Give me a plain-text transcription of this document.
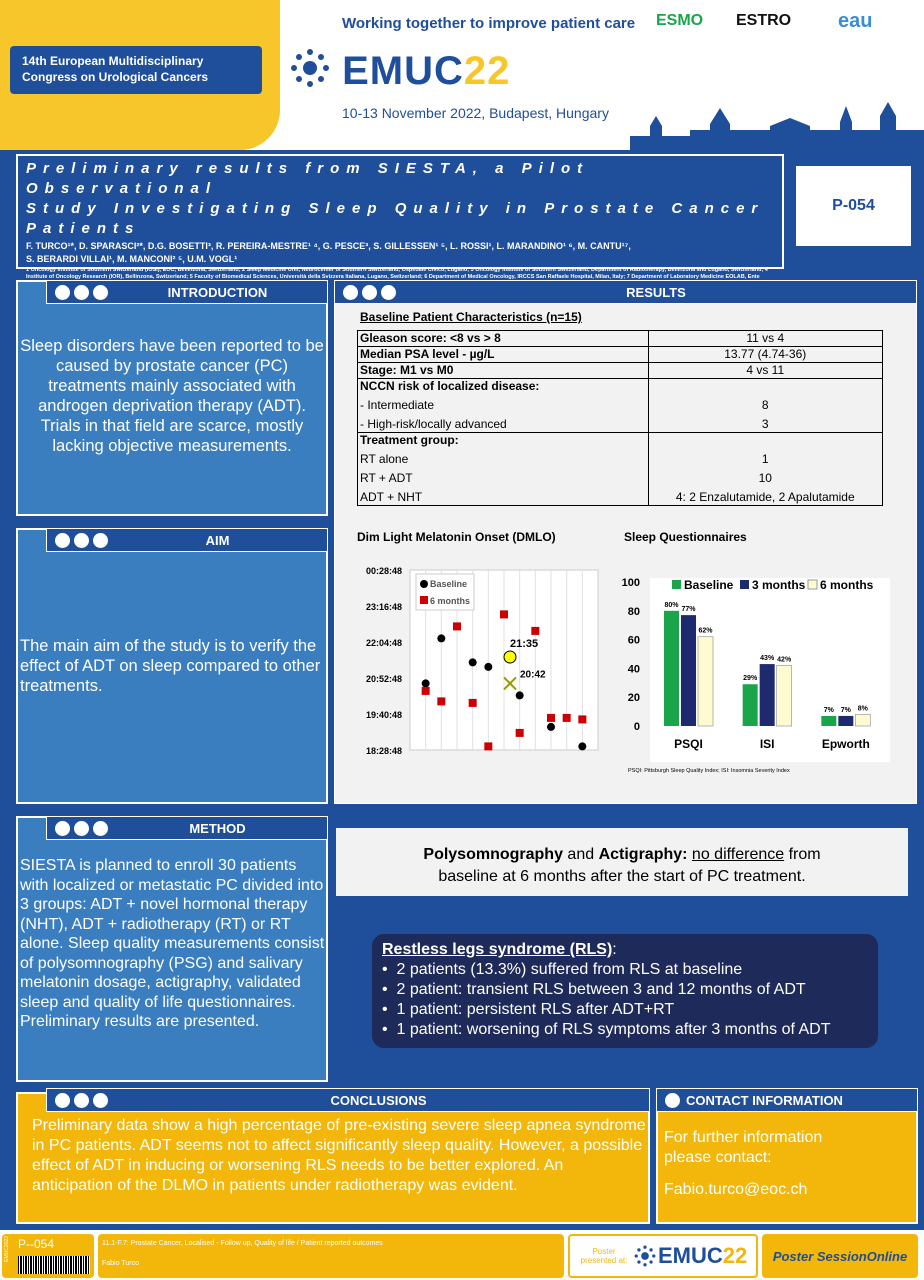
14th European Multidisciplinary
Congress on Urological Cancers
Working together to improve patient care
EMUC22
10-13 November 2022, Budapest, Hungary
ESMO ESTRO eau
Preliminary results from SIESTA, a Pilot Observational
Study Investigating Sleep Quality in Prostate Cancer
Patients
F. TURCO¹*, D. SPARASCI²*, D.G. BOSETTI³, R. PEREIRA-MESTRE¹ ⁴, G. PESCE³, S. GILLESSEN¹ ⁵, L. ROSSI¹, L. MARANDINO¹ ⁶, M. CANTU¹⁷,
S. BERARDI VILLAI¹, M. MANCONI² ⁵, U.M. VOGL¹
1 Oncology Institute of Southern Switzerland (IOSI), EOC, Bellinzona, Switzerland; 2 Sleep Medicine Unit, Neurocenter of Southern Switzerland, Ospedale Civico, Lugano; 3 Oncology Institute of Southern Switzerland, Department of Radiotherapy, Bellinzona and Lugano, Switzerland; 4 Institute of Oncology Research (IOR), Bellinzona, Switzerland; 5 Faculty of Biomedical Sciences, Università della Svizzera Italiana, Lugano, Switzerland; 6 Department of Medical Oncology, IRCCS San Raffaele Hospital, Milan, Italy; 7 Department of Laboratory Medicine EOLAB, Ente
P-054
INTRODUCTION
Sleep disorders have been reported to be caused by prostate cancer (PC) treatments mainly associated with androgen deprivation therapy (ADT). Trials in that field are scarce, mostly lacking objective measurements.
AIM
The main aim of the study is to verify the effect of ADT on sleep compared to other treatments.
METHOD
SIESTA is planned to enroll 30 patients with localized or metastatic PC divided into 3 groups: ADT + novel hormonal therapy (NHT), ADT + radiotherapy (RT) or RT alone. Sleep quality measurements consist of polysomnography (PSG) and salivary melatonin dosage, actigraphy, validated sleep and quality of life questionnaires. Preliminary results are presented.
RESULTS
Baseline Patient Characteristics (n=15)
Gleason score: <8 vs > 8	11 vs 4
Median PSA level - µg/L	13.77 (4.74-36)
Stage: M1 vs M0	4 vs 11
NCCN risk of localized disease:	
- Intermediate	8
- High-risk/locally advanced	3
Treatment group:	
RT alone	1
RT + ADT	10
ADT + NHT	4: 2 Enzalutamide, 2 Apalutamide
Dim Light Melatonin Onset (DMLO)
00:28:48
23:16:48
22:04:48
20:52:48
19:40:48
18:28:48
21:35
20:42
Baseline
6 months
Sleep Questionnaires
0
20
40
60
80
100
80%
77%
62%
PSQI
29%
43% 42%
ISI
7% 7% 8%
Epworth
Baseline 3 months 6 months
PSQI: Pittsburgh Sleep Quality Index; ISI: Insomnia Severity Index
Polysomnography and Actigraphy: no difference from
baseline at 6 months after the start of PC treatment.
Restless legs syndrome (RLS):
•  2 patients (13.3%) suffered from RLS at baseline
•  2 patient: transient RLS between 3 and 12 months of ADT
•  1 patient: persistent RLS after ADT+RT
•  1 patient: worsening of RLS symptoms after 3 months of ADT
CONCLUSIONS
Preliminary data show a high percentage of pre-existing severe sleep apnea syndrome in PC patients. ADT seems not to affect significantly sleep quality. However, a possible effect of ADT in inducing or worsening RLS needs to be better explored. An anticipation of the DLMO in patients under radiotherapy was evident.
CONTACT INFORMATION
For further information please contact:
Fabio.turco@eoc.ch
EMUC2022 P--054	11.1-F.7: Prostate Cancer, Localised - Follow up, Quality of life / Patient reported outcomes
Fabio Turco
Poster presented at:	EMUC22	Poster SessionOnline
